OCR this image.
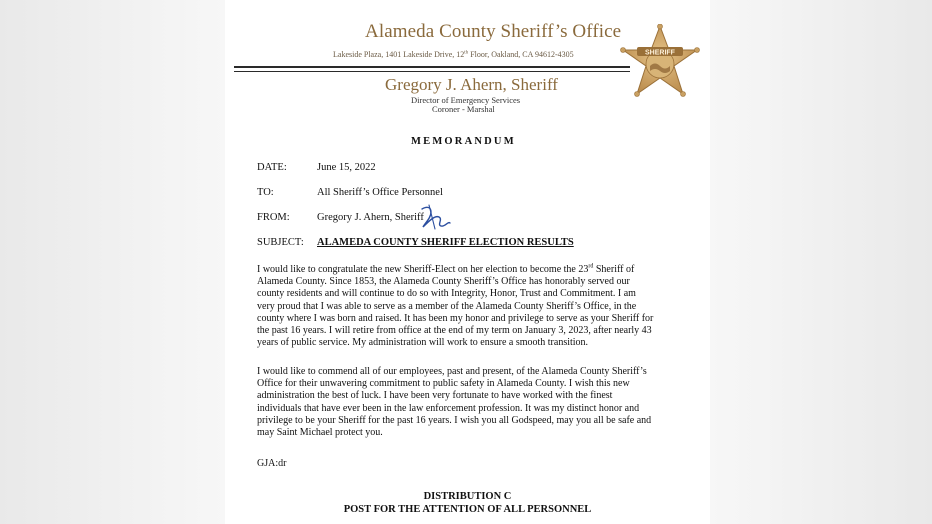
Alameda County Sheriff’s Office
Lakeside Plaza, 1401 Lakeside Drive, 12th Floor, Oakland, CA 94612-4305	SHERIFF
Gregory J. Ahern, Sheriff
Director of Emergency Services
Coroner - Marshal
MEMORANDUM
DATE:	June 15, 2022
TO:	All Sheriff’s Office Personnel
FROM:	Gregory J. Ahern, Sheriff
SUBJECT: ALAMEDA COUNTY SHERIFF ELECTION RESULTS
I would like to congratulate the new Sheriff-Elect on her election to become the 23rd Sheriff of
Alameda County. Since 1853, the Alameda County Sheriff’s Office has honorably served our
county residents and will continue to do so with Integrity, Honor, Trust and Commitment. I am
very proud that I was able to serve as a member of the Alameda County Sheriff’s Office, in the
county where I was born and raised. It has been my honor and privilege to serve as your Sheriff for
the past 16 years. I will retire from office at the end of my term on January 3, 2023, after nearly 43
years of public service. My administration will work to ensure a smooth transition.
I would like to commend all of our employees, past and present, of the Alameda County Sheriff’s
Office for their unwavering commitment to public safety in Alameda County. I wish this new
administration the best of luck. I have been very fortunate to have worked with the finest
individuals that have ever been in the law enforcement profession. It was my distinct honor and
privilege to be your Sheriff for the past 16 years. I wish you all Godspeed, may you all be safe and
may Saint Michael protect you.
GJA:dr
DISTRIBUTION C
POST FOR THE ATTENTION OF ALL PERSONNEL
